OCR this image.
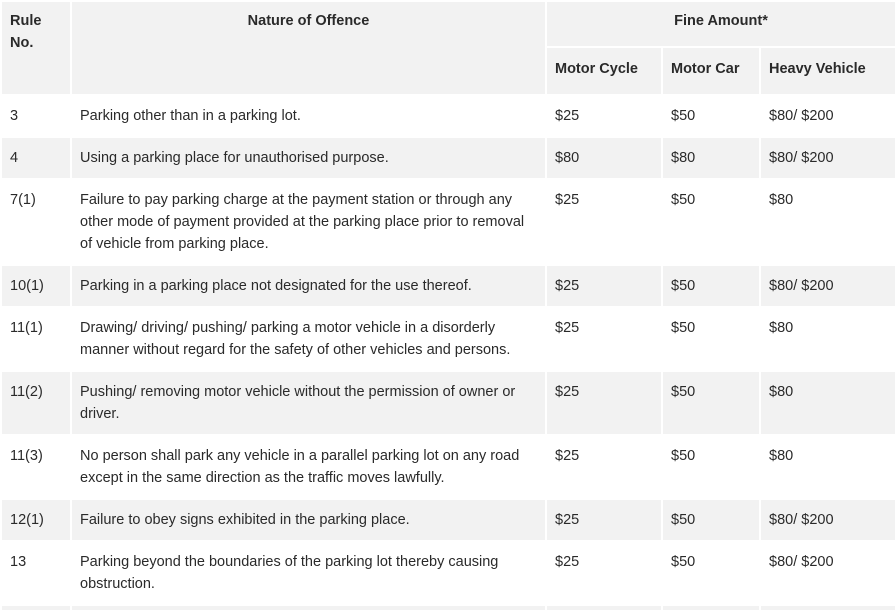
Rule No.	Nature of Offence	Fine Amount*		
		Motor Cycle	Motor Car	Heavy Vehicle
3	Parking other than in a parking lot.	$25	$50	$80/ $200
4	Using a parking place for unauthorised purpose.	$80	$80	$80/ $200
7(1)	Failure to pay parking charge at the payment station or through any other mode of payment provided at the parking place prior to removal of vehicle from parking place.	$25	$50	$80
10(1)	Parking in a parking place not designated for the use thereof.	$25	$50	$80/ $200
11(1)	Drawing/ driving/ pushing/ parking a motor vehicle in a disorderly manner without regard for the safety of other vehicles and persons.	$25	$50	$80
11(2)	Pushing/ removing motor vehicle without the permission of owner or driver.	$25	$50	$80
11(3)	No person shall park any vehicle in a parallel parking lot on any road except in the same direction as the traffic moves lawfully.	$25	$50	$80
12(1)	Failure to obey signs exhibited in the parking place.	$25	$50	$80/ $200
13	Parking beyond the boundaries of the parking lot thereby causing obstruction.	$25	$50	$80/ $200
